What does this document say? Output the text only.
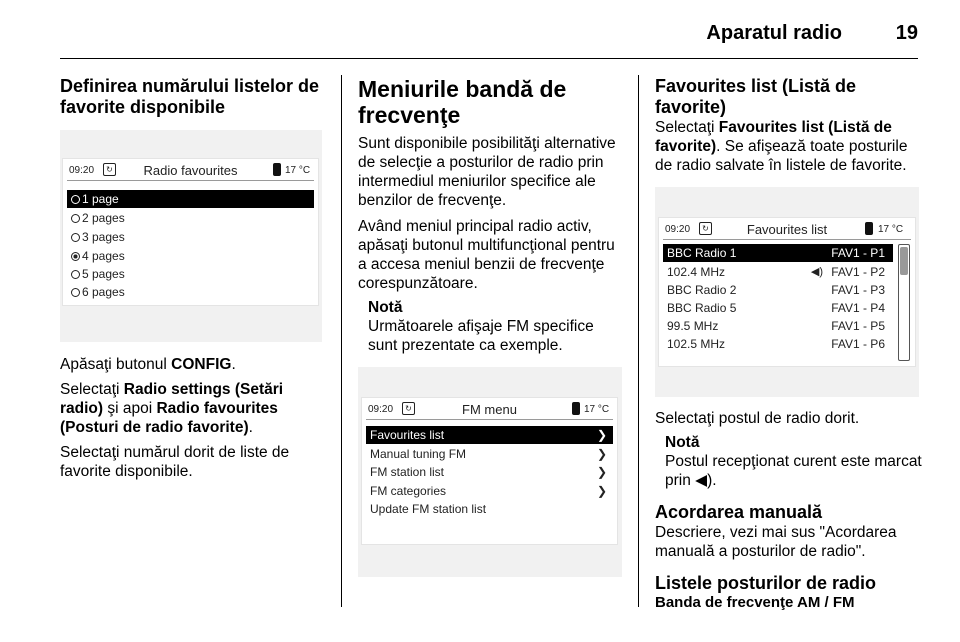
Aparatul radio	19
Definirea numărului listelor de favorite disponibile
09:20	↻	Radio favourites	17 °C
1 page
2 pages
3 pages
4 pages
5 pages
6 pages

Apăsaţi butonul CONFIG.

Selectaţi Radio settings (Setări radio) şi apoi Radio favourites (Posturi de radio favorite).

Selectaţi numărul dorit de liste de favorite disponibile.

Meniurile bandă de frecvenţe

Sunt disponibile posibilităţi alternative de selecţie a posturilor de radio prin intermediul meniurilor specifice ale benzilor de frecvenţe.

Având meniul principal radio activ, apăsaţi butonul multifuncţional pentru a accesa meniul benzii de frecvenţe corespunzătoare.

Notă

Următoarele afişaje FM specifice sunt prezentate ca exemple.

09:20	↻	FM menu	17 °C
Favourites list	❯
Manual tuning FM	❯
FM station list	❯
FM categories	❯
Update FM station list
Favourites list (Listă de favorite)

Selectaţi Favourites list (Listă de favorite). Se afişează toate posturile de radio salvate în listele de favorite.

09:20	↻	Favourites list	17 °C
BBC Radio 1	FAV1 - P1
102.4 MHz	◀) FAV1 - P2
BBC Radio 2	FAV1 - P3
BBC Radio 5	FAV1 - P4
99.5 MHz	FAV1 - P5
102.5 MHz	FAV1 - P6

Selectaţi postul de radio dorit.

Notă

Postul recepţionat curent este marcat prin ◀).

Acordarea manuală

Descriere, vezi mai sus "Acordarea manuală a posturilor de radio".

Listele posturilor de radio
Banda de frecvenţe AM / FM
